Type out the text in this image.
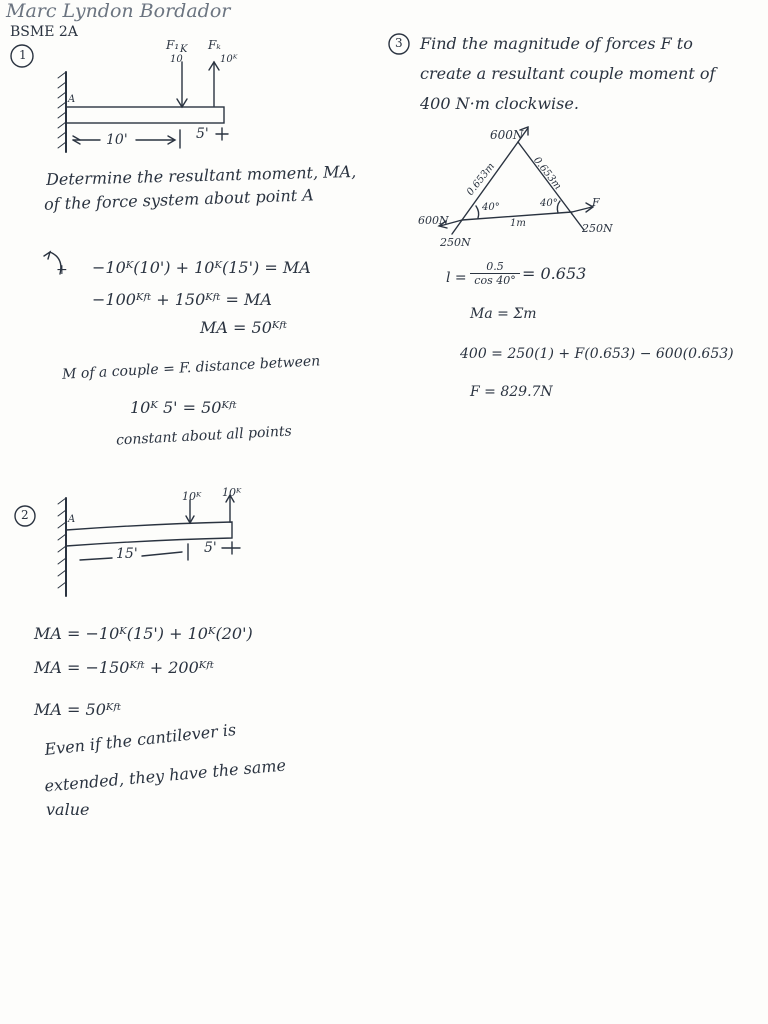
Marc Lyndon Bordador
BSME 2A
F₁ K
10
Fₖ
10ᴷ
A
10'	5'
Determine the resultant moment, MA,
of the force system about point A
+ −10ᴷ(10') + 10ᴷ(15') = MA
−100ᴷᶠᵗ + 150ᴷᶠᵗ = MA
MA = 50ᴷᶠᵗ
M of a couple = F. distance between
10ᴷ 5' = 50ᴷᶠᵗ
constant about all points
1
2
3
10ᴷ 10ᴷ
A
15'	5'
MA = −10ᴷ(15') + 10ᴷ(20')
MA = −150ᴷᶠᵗ + 200ᴷᶠᵗ
MA = 50ᴷᶠᵗ
Even if the cantilever is
extended, they have the same
value
Find the magnitude of forces F to
create a resultant couple moment of
400 N·m clockwise.
600N
0.653m	0.653m
40°	40°
1m
600N
250N
F
250N
l =
0.5
cos 40° = 0.653
Ma = Σm
400 = 250(1) + F(0.653) − 600(0.653)
F = 829.7N
